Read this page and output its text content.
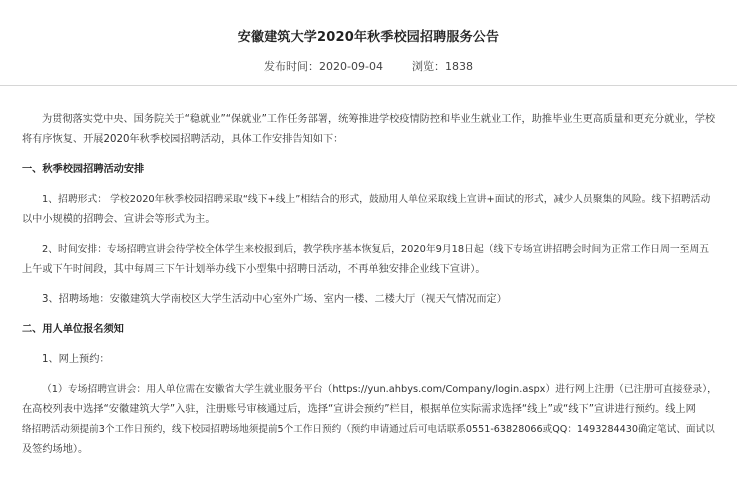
安徽建筑大学2020年秋季校园招聘服务公告
发布时间：2020-09-04	浏览：1838

为贯彻落实党中央、国务院关于“稳就业”“保就业”工作任务部署，统筹推进学校疫情防控和毕业生就业工作，助推毕业生更高质量和更充分就业，学校

将有序恢复、开展2020年秋季校园招聘活动，具体工作安排告知如下：

一、秋季校园招聘活动安排

1、招聘形式： 学校2020年秋季校园招聘采取“线下+线上”相结合的形式，鼓励用人单位采取线上宣讲+面试的形式，减少人员聚集的风险。线下招聘活动

以中小规模的招聘会、宣讲会等形式为主。

2、时间安排：专场招聘宣讲会待学校全体学生来校报到后，教学秩序基本恢复后，2020年9月18日起（线下专场宣讲招聘会时间为正常工作日周一至周五

上午或下午时间段，其中每周三下午计划举办线下小型集中招聘日活动，不再单独安排企业线下宣讲）。

3、招聘场地：安徽建筑大学南校区大学生活动中心室外广场、室内一楼、二楼大厅（视天气情况而定）

二、用人单位报名须知

1、网上预约：

（1）专场招聘宣讲会：用人单位需在安徽省大学生就业服务平台（https://yun.ahbys.com/Company/login.aspx）进行网上注册（已注册可直接登录），

在高校列表中选择“安徽建筑大学”入驻，注册账号审核通过后，选择“宣讲会预约”栏目，根据单位实际需求选择“线上”或“线下”宣讲进行预约。线上网

络招聘活动须提前3个工作日预约，线下校园招聘场地须提前5个工作日预约（预约申请通过后可电话联系0551-63828066或QQ：1493284430确定笔试、面试以

及签约场地）。
